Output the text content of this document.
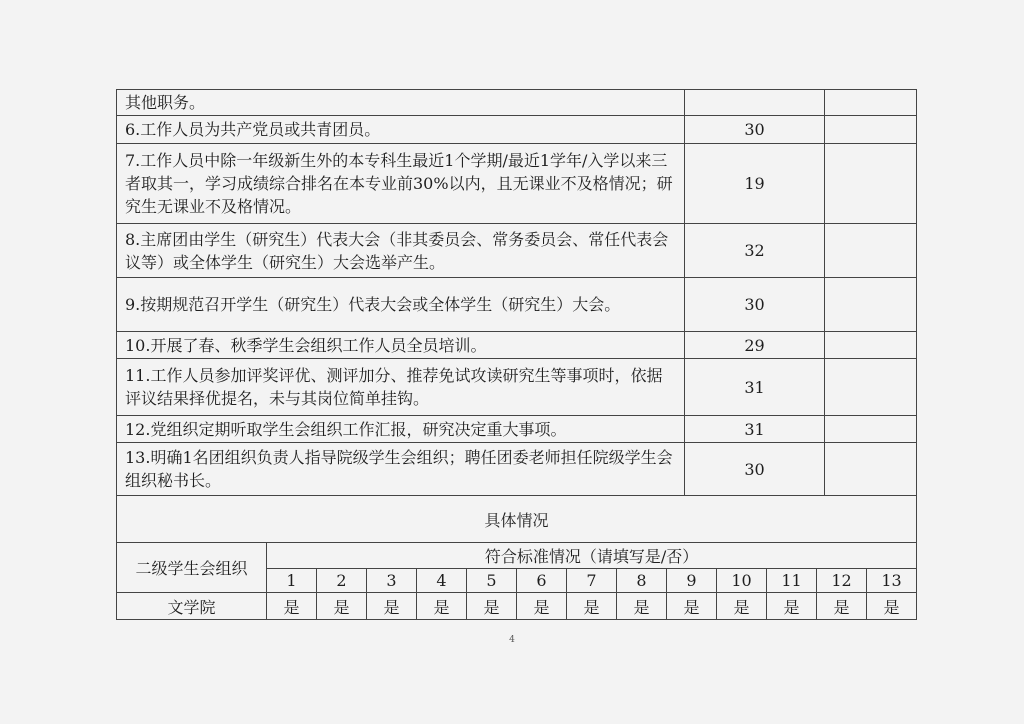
其他职务。		
6.工作人员为共产党员或共青团员。	30	
7.工作人员中除一年级新生外的本专科生最近1个学期/最近1学年/入学以来三者取其一，学习成绩综合排名在本专业前30%以内，且无课业不及格情况；研究生无课业不及格情况。	19	
8.主席团由学生（研究生）代表大会（非其委员会、常务委员会、常任代表会议等）或全体学生（研究生）大会选举产生。	32	
9.按期规范召开学生（研究生）代表大会或全体学生（研究生）大会。	30	
10.开展了春、秋季学生会组织工作人员全员培训。	29	
11.工作人员参加评奖评优、测评加分、推荐免试攻读研究生等事项时，依据评议结果择优提名，未与其岗位简单挂钩。	31	
12.党组织定期听取学生会组织工作汇报，研究决定重大事项。	31	
13.明确1名团组织负责人指导院级学生会组织；聘任团委老师担任院级学生会组织秘书长。	30	
具体情况													
二级学生会组织	符合标准情况（请填写是/否）												
	1	2	3	4	5	6	7	8	9	10	11	12	13
文学院	是	是	是	是	是	是	是	是	是	是	是	是	是
4
